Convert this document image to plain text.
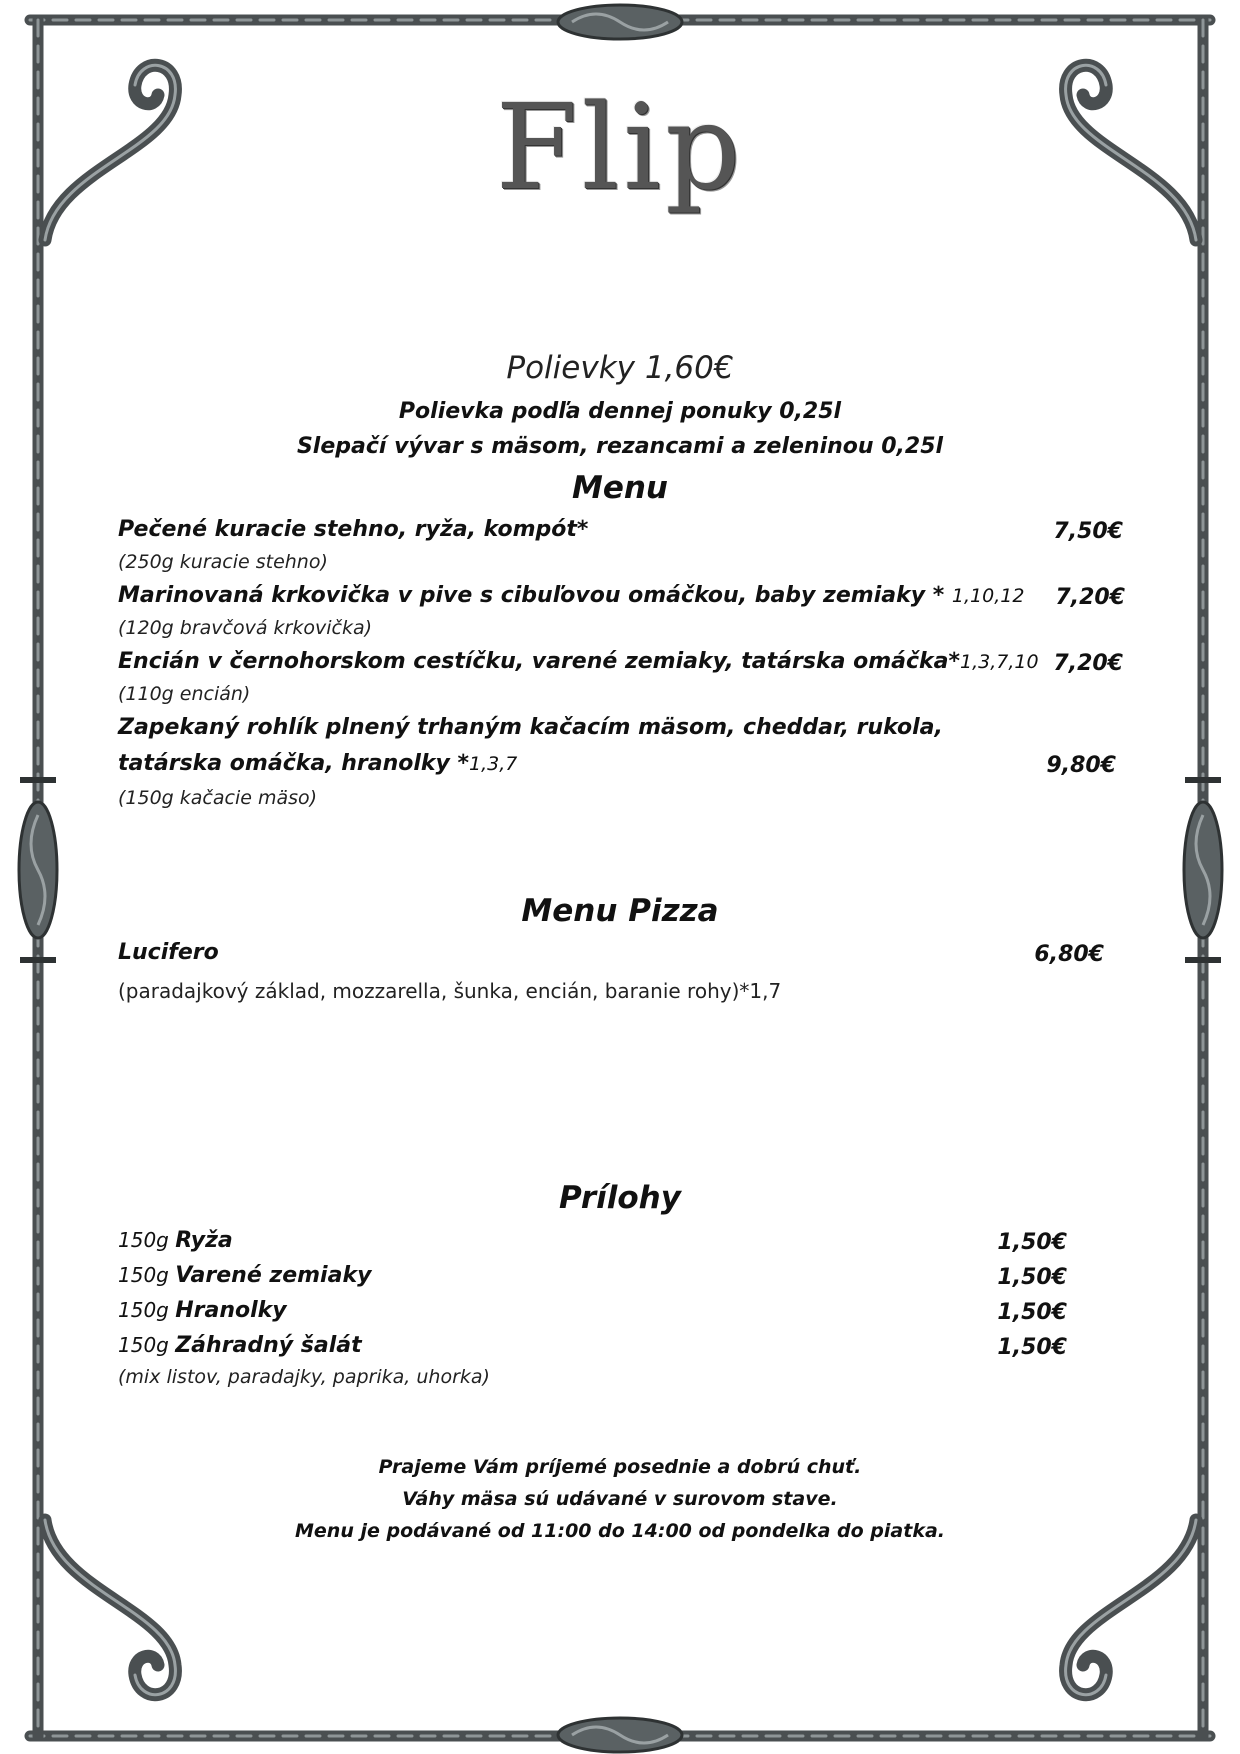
Flip
Polievky 1,60€
Polievka podľa dennej ponuky 0,25l
Slepačí vývar s mäsom, rezancami a zeleninou 0,25l
Menu
Pečené kuracie stehno, ryža, kompót*	7,50€
(250g kuracie stehno)
Marinovaná krkovička v pive s cibuľovou omáčkou, baby zemiaky * 1,10,12 7,20€
(120g bravčová krkovička)
Encián v černohorskom cestíčku, varené zemiaky, tatárska omáčka*1,3,7,10 7,20€
(110g encián)
Zapekaný rohlík plnený trhaným kačacím mäsom, cheddar, rukola,
tatárska omáčka, hranolky *1,3,7	9,80€
(150g kačacie mäso)
Menu Pizza
Lucifero	6,80€
(paradajkový základ, mozzarella, šunka, encián, baranie rohy)*1,7
Prílohy
150g Ryža	1,50€
150g Varené zemiaky	1,50€
150g Hranolky	1,50€
150g Záhradný šalát	1,50€
(mix listov, paradajky, paprika, uhorka)
Prajeme Vám príjemé posednie a dobrú chuť.
Váhy mäsa sú udávané v surovom stave.
Menu je podávané od 11:00 do 14:00 od pondelka do piatka.
